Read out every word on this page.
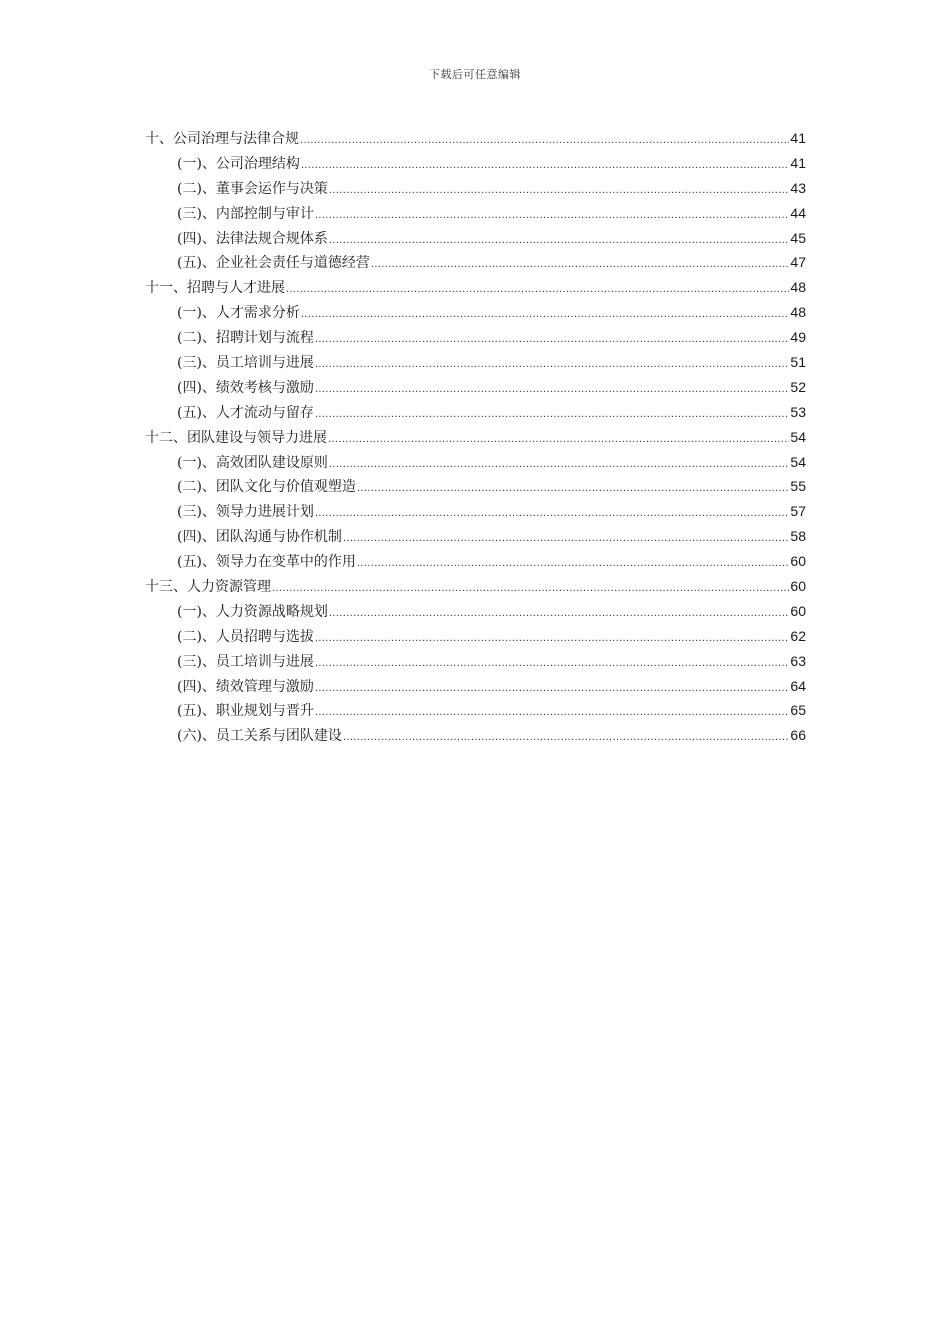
下载后可任意编辑
十、公司治理与法律合规 .....	41
(一)、公司治理结构 .....	41
(二)、董事会运作与决策 .....	43
(三)、内部控制与审计 .....	44
(四)、法律法规合规体系 .....	45
(五)、企业社会责任与道德经营 .....	47
十一、招聘与人才进展 .....	48
(一)、人才需求分析 .....	48
(二)、招聘计划与流程 .....	49
(三)、员工培训与进展 .....	51
(四)、绩效考核与激励 .....	52
(五)、人才流动与留存 .....	53
十二、团队建设与领导力进展 .....	54
(一)、高效团队建设原则 .....	54
(二)、团队文化与价值观塑造 .....	55
(三)、领导力进展计划 .....	57
(四)、团队沟通与协作机制 .....	58
(五)、领导力在变革中的作用 .....	60
十三、人力资源管理 .....	60
(一)、人力资源战略规划 .....	60
(二)、人员招聘与选拔 .....	62
(三)、员工培训与进展 .....	63
(四)、绩效管理与激励 .....	64
(五)、职业规划与晋升 .....	65
(六)、员工关系与团队建设 .....	66
